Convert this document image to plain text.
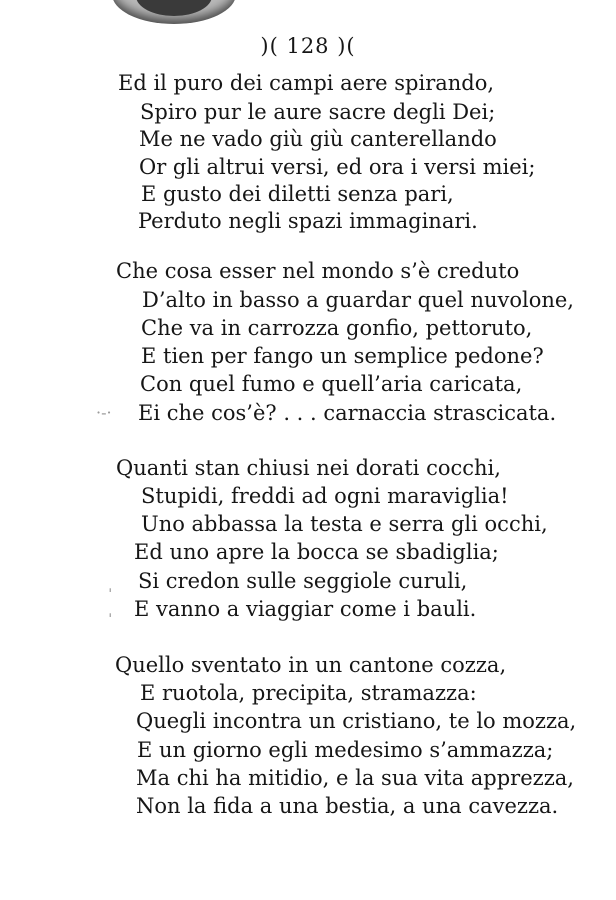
)( 128 )(
Ed il puro dei campi aere spirando,
Spiro pur le aure sacre degli Dei;
Me ne vado giù giù canterellando
Or gli altrui versi, ed ora i versi miei;
E gusto dei diletti senza pari,
Perduto negli spazi immaginari.
Che cosa esser nel mondo s’è creduto
D’alto in basso a guardar quel nuvolone,
Che va in carrozza gonfio, pettoruto,
E tien per fango un semplice pedone?
Con quel fumo e quell’aria caricata,
Ei che cos’è? . . . carnaccia strascicata.
·‐·
Quanti stan chiusi nei dorati cocchi,
Stupidi, freddi ad ogni maraviglia!
Uno abbassa la testa e serra gli occhi,
Ed uno apre la bocca se sbadiglia;
Si credon sulle seggiole curuli,
E vanno a viaggiar come i bauli.
ˌ
ˌ
Quello sventato in un cantone cozza,
E ruotola, precipita, stramazza:
Quegli incontra un cristiano, te lo mozza,
E un giorno egli medesimo s’ammazza;
Ma chi ha mitidio, e la sua vita apprezza,
Non la fida a una bestia, a una cavezza.
